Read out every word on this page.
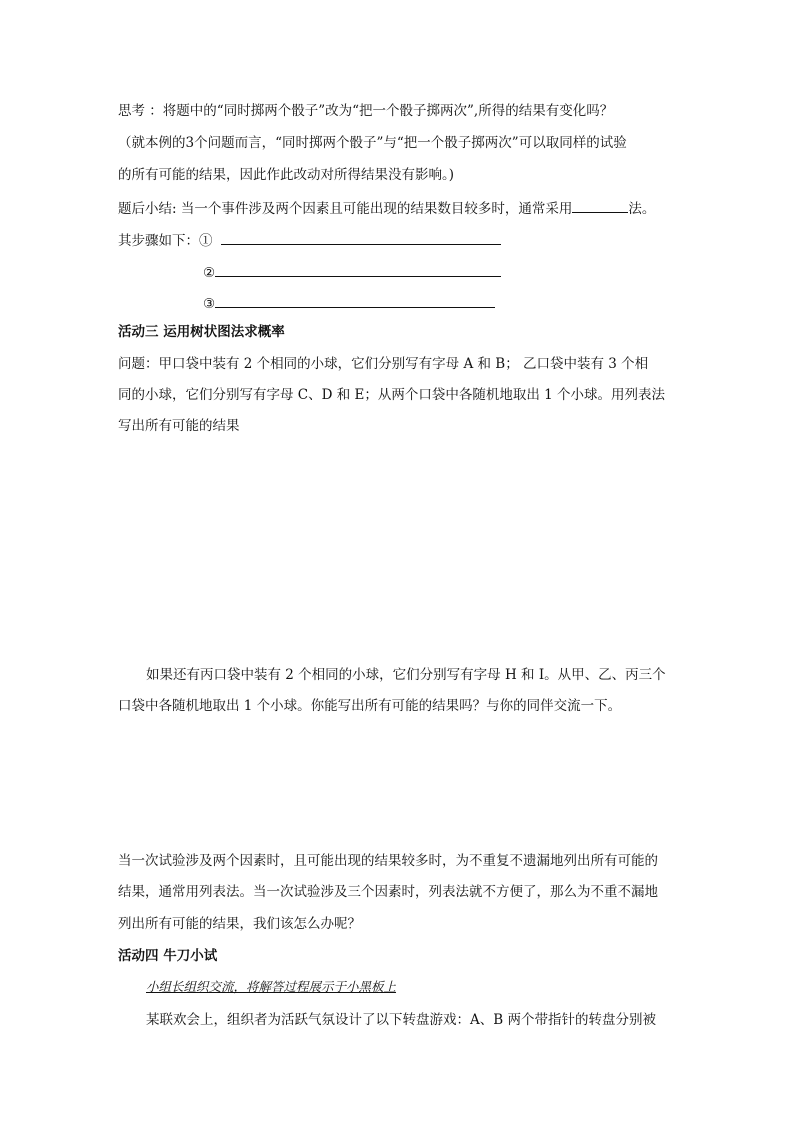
思考 ：将题中的“同时掷两个骰子”改为“把一个骰子掷两次”,所得的结果有变化吗？
（就本例的3个问题而言，“同时掷两个骰子”与“把一个骰子掷两次”可以取同样的试验
的所有可能的结果，因此作此改动对所得结果没有影响。)
题后小结: 当一个事件涉及两个因素且可能出现的结果数目较多时，通常采用	法。
其步骤如下：①
②
③
活动三 运用树状图法求概率
问题：甲口袋中装有 2 个相同的小球，它们分别写有字母 A 和 B； 乙口袋中装有 3 个相
同的小球，它们分别写有字母 C、D 和 E；从两个口袋中各随机地取出 1 个小球。用列表法
写出所有可能的结果
如果还有丙口袋中装有 2 个相同的小球，它们分别写有字母 H 和 I。从甲、乙、丙三个
口袋中各随机地取出 1 个小球。你能写出所有可能的结果吗？与你的同伴交流一下。
当一次试验涉及两个因素时，且可能出现的结果较多时，为不重复不遗漏地列出所有可能的
结果，通常用列表法。当一次试验涉及三个因素时，列表法就不方便了，那么为不重不漏地
列出所有可能的结果，我们该怎么办呢？
活动四 牛刀小试
小组长组织交流，将解答过程展示于小黑板上
某联欢会上，组织者为活跃气氛设计了以下转盘游戏：A、B 两个带指针的转盘分别被
